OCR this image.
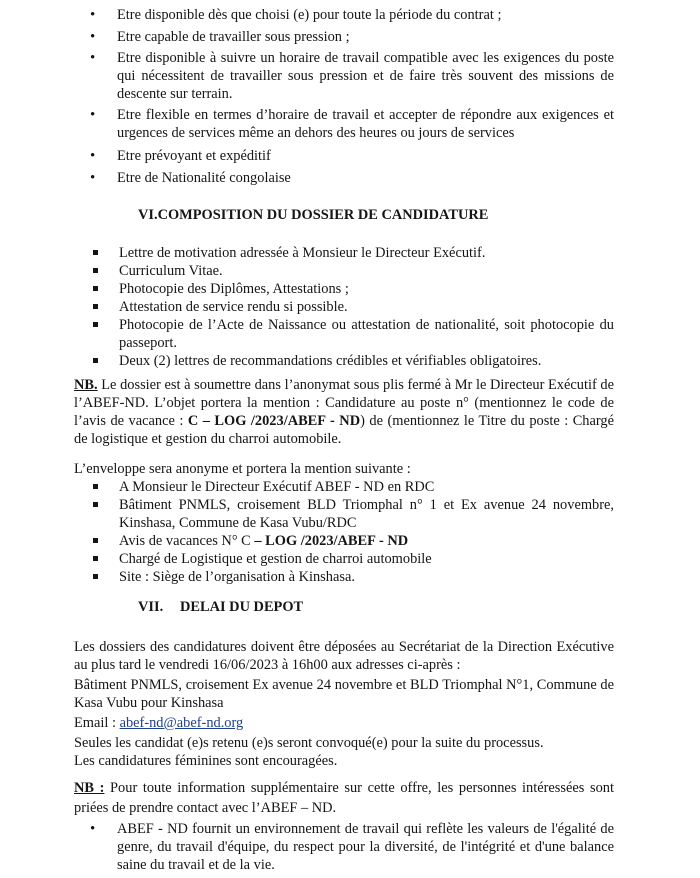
• Etre disponible dès que choisi (e) pour toute la période du contrat ;
• Etre capable de travailler sous pression ;
• Etre disponible à suivre un horaire de travail compatible avec les exigences du poste qui nécessitent de travailler sous pression et de faire très souvent des missions de descente sur terrain.
• Etre flexible en termes d’horaire de travail et accepter de répondre aux exigences et urgences de services même an dehors des heures ou jours de services
• Etre prévoyant et expéditif
• Etre de Nationalité congolaise
VI.COMPOSITION DU DOSSIER DE CANDIDATURE
Lettre de motivation adressée à Monsieur le Directeur Exécutif.
Curriculum Vitae.
Photocopie des Diplômes, Attestations ;
Attestation de service rendu si possible.
Photocopie de l’Acte de Naissance ou attestation de nationalité, soit photocopie du passeport.
Deux (2) lettres de recommandations crédibles et vérifiables obligatoires.

NB. Le dossier est à soumettre dans l’anonymat sous plis fermé à Mr le Directeur Exécutif de l’ABEF-ND. L’objet portera la mention : Candidature au poste n° (mentionnez le code de l’avis de vacance : C – LOG /2023/ABEF - ND) de (mentionnez le Titre du poste : Chargé de logistique et gestion du charroi automobile.

L’enveloppe sera anonyme et portera la mention suivante :
A Monsieur le Directeur Exécutif ABEF - ND en RDC
Bâtiment PNMLS, croisement BLD Triomphal n° 1 et Ex avenue 24 novembre, Kinshasa, Commune de Kasa Vubu/RDC
Avis de vacances N° C – LOG /2023/ABEF - ND
Chargé de Logistique et gestion de charroi automobile
Site : Siège de l’organisation à Kinshasa.
VII. DELAI DU DEPOT

Les dossiers des candidatures doivent être déposées au Secrétariat de la Direction Exécutive au plus tard le vendredi 16/06/2023 à 16h00 aux adresses ci-après :

Bâtiment PNMLS, croisement Ex avenue 24 novembre et BLD Triomphal N°1, Commune de Kasa Vubu pour Kinshasa

Email : abef-nd@abef-nd.org

Seules les candidat (e)s retenu (e)s seront convoqué(e) pour la suite du processus.

Les candidatures féminines sont encouragées.

NB : Pour toute information supplémentaire sur cette offre, les personnes intéressées sont priées de prendre contact avec l’ABEF – ND.

• ABEF - ND fournit un environnement de travail qui reflète les valeurs de l'égalité de genre, du travail d'équipe, du respect pour la diversité, de l'intégrité et d'une balance saine du travail et de la vie.
